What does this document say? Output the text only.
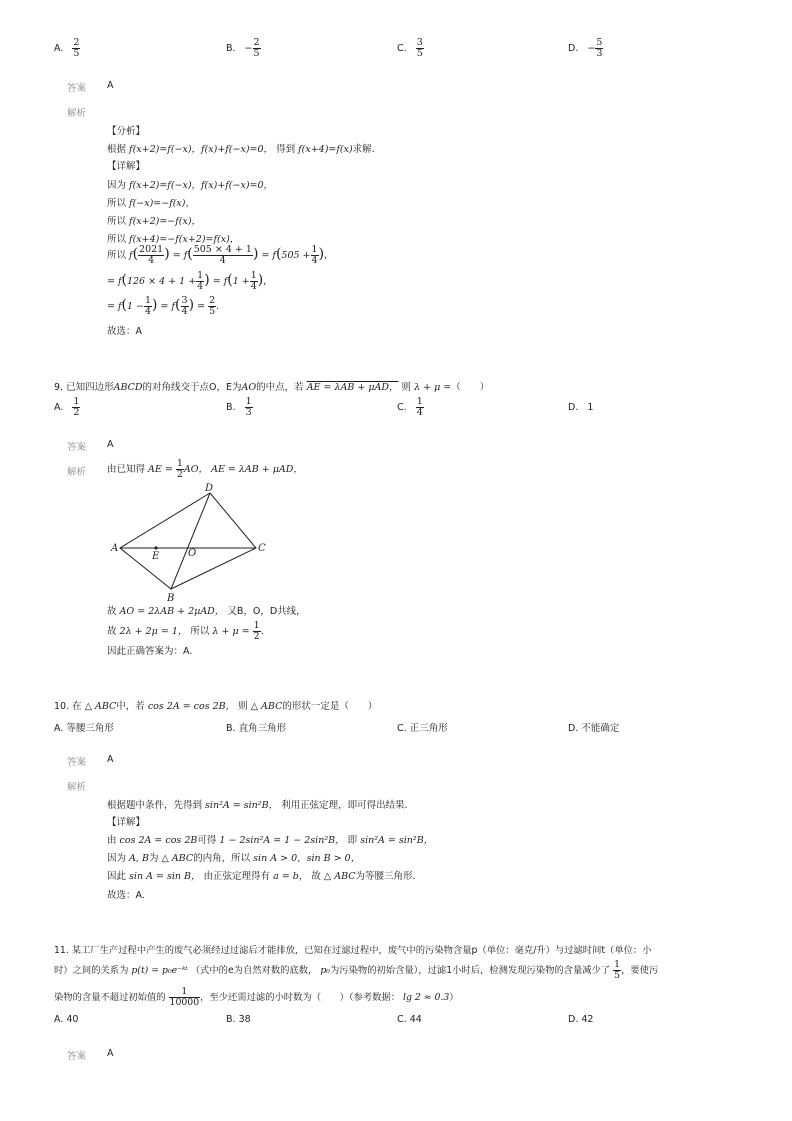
A. $\frac{2}{5}$	B. − $\frac{2}{5}$	C. $\frac{3}{5}$	D. − $\frac{5}{3}$
答案 A
解析
【分析】
根据 f(x+2)=f(−x)，f(x)+f(−x)=0， 得到 f(x+4)=f(x)求解.
【详解】
因为 f(x+2)=f(−x)，f(x)+f(−x)=0，
所以 f(−x)=−f(x)，
所以 f(x+2)=−f(x)，
所以 f(x+4)=−f(x+2)=f(x)，
所以 $f( \frac{2021}{4}$ ) = $f( \frac{505 \times 4 + 1}{4}$ ) = $f(505 + \frac{1}{4}$ ),
= $f(126 \times 4 + 1 + \frac{1}{4}$ ) = $f(1 + \frac{1}{4}$ ),
= $f(1 - \frac{1}{4}$ ) = $f( \frac{3}{4}$ ) = $\frac{2}{5}$ .
故选：A
9. 已知四边形ABCD的对角线交于点O，E为AO的中点，若 AE = λAB + μAD， 则 λ + μ =（　　）
A. $\frac{1}{2}$	B. $\frac{1}{3}$	C. $\frac{1}{4}$	D. 1
答案 A
解析 由已知得 AE = $\frac{1}{2}$ AO， AE = λAB + μAD，
A
D
C
B
E	O
故 AO = 2λAB + 2μAD， 又B，O，D共线，
故 2λ + 2μ = 1， 所以 $\lambda + \mu = \frac{1}{2}$ .
因此正确答案为：A.
10. 在 △ ABC中，若 cos 2A = cos 2B， 则 △ ABC的形状一定是（　　）
A. 等腰三角形	B. 直角三角形	C. 正三角形	D. 不能确定
答案 A
解析
根据题中条件，先得到 sin²A = sin²B， 利用正弦定理，即可得出结果.
【详解】
由 cos 2A = cos 2B可得 1 − 2sin²A = 1 − 2sin²B， 即 sin²A = sin²B，
因为 A, B为 △ ABC的内角，所以 sin A > 0，sin B > 0，
因此 sin A = sin B， 由正弦定理得有 a = b， 故 △ ABC为等腰三角形.
故选：A.
11. 某工厂生产过程中产生的废气必须经过过滤后才能排放，已知在过滤过程中，废气中的污染物含量p（单位：毫克/升）与过滤时间t（单位：小
时）之间的关系为 p(t) = p₀e⁻ᵏᵗ （式中的e为自然对数的底数， p₀为污染物的初始含量），过滤1小时后，检测发现污染物的含量减少了 $\frac{1}{5}$ ，要使污
染物的含量不超过初始值的 $\frac{1}{10000}$ ，至少还需过滤的小时数为（　　）（参考数据： lg 2 ≈ 0.3）
A. 40	B. 38	C. 44	D. 42
答案 A
